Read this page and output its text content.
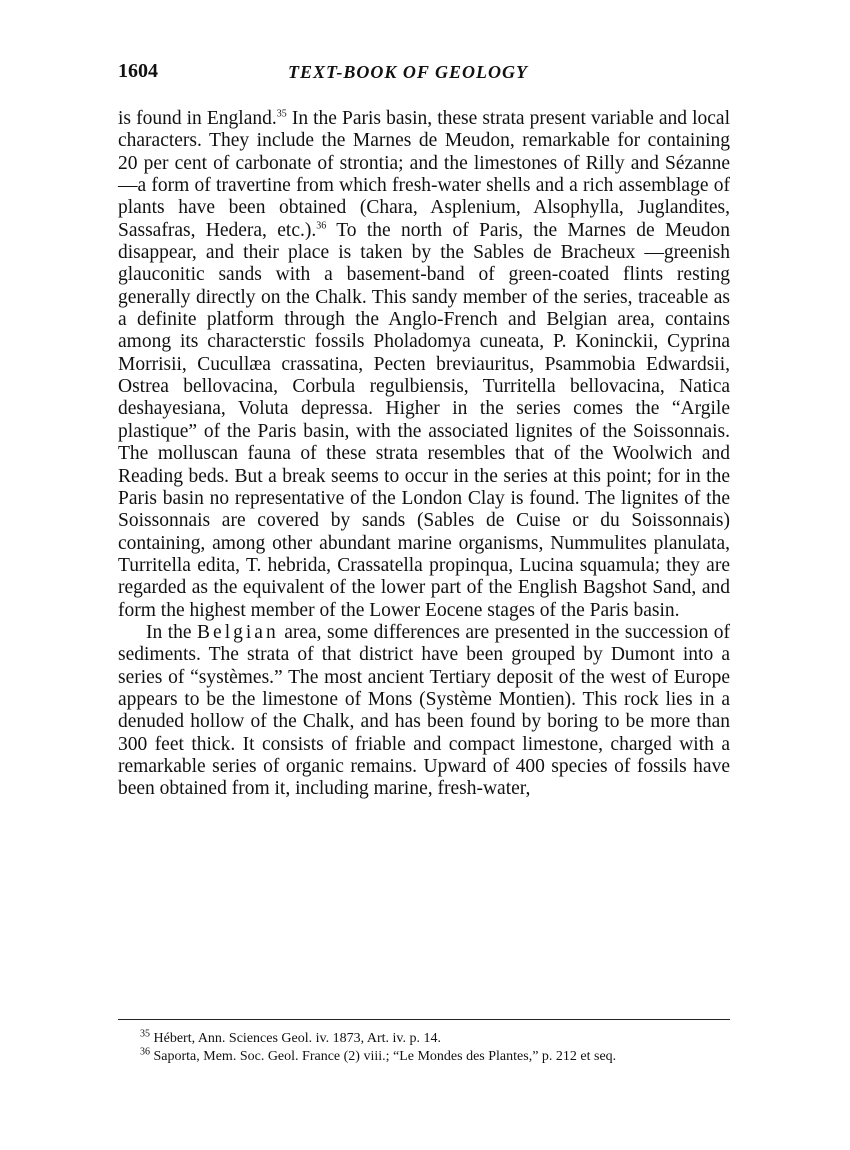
1604	TEXT-BOOK OF GEOLOGY

is found in England.$^{35}$ In the Paris basin, these strata present variable and local characters. They include the Marnes de Meudon, remarkable for containing 20 per cent of carbonate of strontia; and the limestones of Rilly and Sézanne—a form of travertine from which fresh-water shells and a rich assemblage of plants have been obtained (Chara, Asplenium, Alsophylla, Juglandites, Sassafras, Hedera, etc.).$^{36}$ To the north of Paris, the Marnes de Meudon disappear, and their place is taken by the Sables de Bracheux —greenish glauconitic sands with a basement-band of green-coated flints resting generally directly on the Chalk. This sandy member of the series, traceable as a definite platform through the Anglo-French and Belgian area, contains among its characterstic fossils Pholadomya cuneata, P. Koninckii, Cyprina Morrisii, Cucullæa crassatina, Pecten breviauritus, Psammobia Edwardsii, Ostrea bellovacina, Corbula regulbiensis, Turritella bellovacina, Natica deshayesiana, Voluta depressa. Higher in the series comes the “Argile plastique” of the Paris basin, with the associated lignites of the Soissonnais. The molluscan fauna of these strata resembles that of the Woolwich and Reading beds. But a break seems to occur in the series at this point; for in the Paris basin no representative of the London Clay is found. The lignites of the Soissonnais are covered by sands (Sables de Cuise or du Soissonnais) containing, among other abundant marine organisms, Nummulites planulata, Turritella edita, T. hebrida, Crassatella propinqua, Lucina squamula; they are regarded as the equivalent of the lower part of the English Bagshot Sand, and form the highest member of the Lower Eocene stages of the Paris basin.

In the Belgian area, some differences are presented in the succession of sediments. The strata of that district have been grouped by Dumont into a series of “systèmes.” The most ancient Tertiary deposit of the west of Europe appears to be the limestone of Mons (Système Montien). This rock lies in a denuded hollow of the Chalk, and has been found by boring to be more than 300 feet thick. It consists of friable and compact limestone, charged with a remarkable series of organic remains. Upward of 400 species of fossils have been obtained from it, including marine, fresh-water,

$^{35}$ Hébert, Ann. Sciences Geol. iv. 1873, Art. iv. p. 14.

$^{36}$ Saporta, Mem. Soc. Geol. France (2) viii.; “Le Mondes des Plantes,” p. 212 et seq.
